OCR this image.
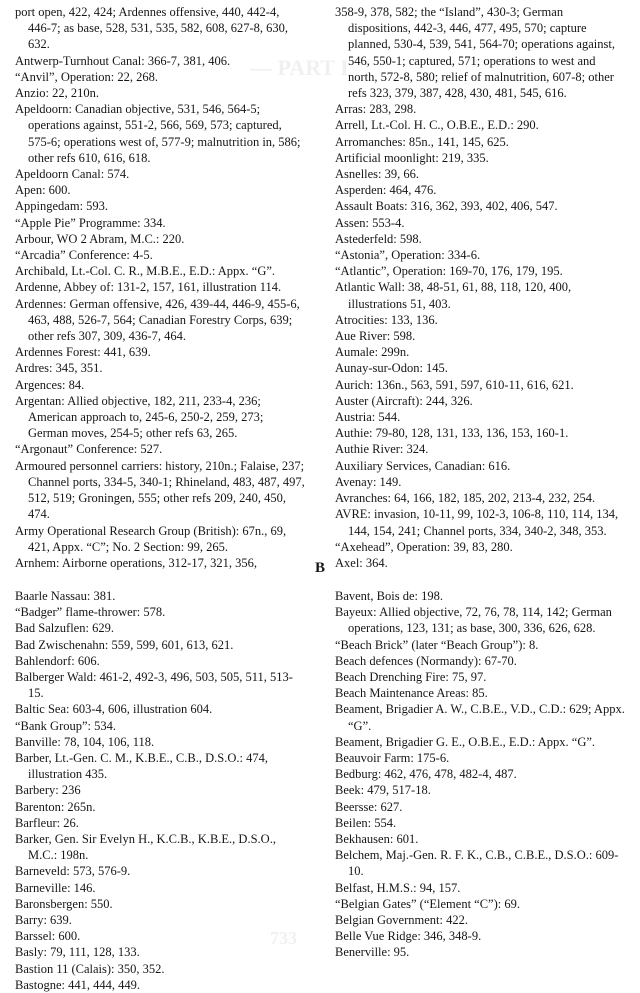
— PART I

port open, 422, 424; Ardennes offensive, 440, 442-4, 446-7; as base, 528, 531, 535, 582, 608, 627-8, 630, 632.

Antwerp-Turnhout Canal: 366-7, 381, 406.

“Anvil”, Operation: 22, 268.

Anzio: 22, 210n.

Apeldoorn: Canadian objective, 531, 546, 564-5; operations against, 551-2, 566, 569, 573; captured, 575-6; operations west of, 577-9; malnutrition in, 586; other refs 610, 616, 618.

Apeldoorn Canal: 574.

Apen: 600.

Appingedam: 593.

“Apple Pie” Programme: 334.

Arbour, WO 2 Abram, M.C.: 220.

“Arcadia” Conference: 4-5.

Archibald, Lt.-Col. C. R., M.B.E., E.D.: Appx. “G”.

Ardenne, Abbey of: 131-2, 157, 161, illustration 114.

Ardennes: German offensive, 426, 439-44, 446-9, 455-6, 463, 488, 526-7, 564; Canadian Forestry Corps, 639; other refs 307, 309, 436-7, 464.

Ardennes Forest: 441, 639.

Ardres: 345, 351.

Argences: 84.

Argentan: Allied objective, 182, 211, 233-4, 236; American approach to, 245-6, 250-2, 259, 273; German moves, 254-5; other refs 63, 265.

“Argonaut” Conference: 527.

Armoured personnel carriers: history, 210n.; Falaise, 237; Channel ports, 334-5, 340-1; Rhineland, 483, 487, 497, 512, 519; Groningen, 555; other refs 209, 240, 450, 474.

Army Operational Research Group (British): 67n., 69, 421, Appx. “C”; No. 2 Section: 99, 265.

Arnhem: Airborne operations, 312-17, 321, 356,

358-9, 378, 582; the “Island”, 430-3; German dispositions, 442-3, 446, 477, 495, 570; capture planned, 530-4, 539, 541, 564-70; operations against, 546, 550-1; captured, 571; operations to west and north, 572-8, 580; relief of malnutrition, 607-8; other refs 323, 379, 387, 428, 430, 481, 545, 616.

Arras: 283, 298.

Arrell, Lt.-Col. H. C., O.B.E., E.D.: 290.

Arromanches: 85n., 141, 145, 625.

Artificial moonlight: 219, 335.

Asnelles: 39, 66.

Asperden: 464, 476.

Assault Boats: 316, 362, 393, 402, 406, 547.

Assen: 553-4.

Astederfeld: 598.

“Astonia”, Operation: 334-6.

“Atlantic”, Operation: 169-70, 176, 179, 195.

Atlantic Wall: 38, 48-51, 61, 88, 118, 120, 400, illustrations 51, 403.

Atrocities: 133, 136.

Aue River: 598.

Aumale: 299n.

Aunay-sur-Odon: 145.

Aurich: 136n., 563, 591, 597, 610-11, 616, 621.

Auster (Aircraft): 244, 326.

Austria: 544.

Authie: 79-80, 128, 131, 133, 136, 153, 160-1.

Authie River: 324.

Auxiliary Services, Canadian: 616.

Avenay: 149.

Avranches: 64, 166, 182, 185, 202, 213-4, 232, 254.

AVRE: invasion, 10-11, 99, 102-3, 106-8, 110, 114, 134, 144, 154, 241; Channel ports, 334, 340-2, 348, 353.

“Axehead”, Operation: 39, 83, 280.

Axel: 364.

B

Baarle Nassau: 381.

“Badger” flame-thrower: 578.

Bad Salzuflen: 629.

Bad Zwischenahn: 559, 599, 601, 613, 621.

Bahlendorf: 606.

Balberger Wald: 461-2, 492-3, 496, 503, 505, 511, 513-15.

Baltic Sea: 603-4, 606, illustration 604.

“Bank Group”: 534.

Banville: 78, 104, 106, 118.

Barber, Lt.-Gen. C. M., K.B.E., C.B., D.S.O.: 474, illustration 435.

Barbery: 236

Barenton: 265n.

Barfleur: 26.

Barker, Gen. Sir Evelyn H., K.C.B., K.B.E., D.S.O., M.C.: 198n.

Barneveld: 573, 576-9.

Barneville: 146.

Baronsbergen: 550.

Barry: 639.

Barssel: 600.

Basly: 79, 111, 128, 133.

Bastion 11 (Calais): 350, 352.

Bastogne: 441, 444, 449.

Bavent, Bois de: 198.

Bayeux: Allied objective, 72, 76, 78, 114, 142; German operations, 123, 131; as base, 300, 336, 626, 628.

“Beach Brick” (later “Beach Group”): 8.

Beach defences (Normandy): 67-70.

Beach Drenching Fire: 75, 97.

Beach Maintenance Areas: 85.

Beament, Brigadier A. W., C.B.E., V.D., C.D.: 629; Appx. “G”.

Beament, Brigadier G. E., O.B.E., E.D.: Appx. “G”.

Beauvoir Farm: 175-6.

Bedburg: 462, 476, 478, 482-4, 487.

Beek: 479, 517-18.

Beersse: 627.

Beilen: 554.

Bekhausen: 601.

Belchem, Maj.-Gen. R. F. K., C.B., C.B.E., D.S.O.: 609-10.

Belfast, H.M.S.: 94, 157.

“Belgian Gates” (“Element “C”): 69.

Belgian Government: 422.

Belle Vue Ridge: 346, 348-9.

Benerville: 95.

733
